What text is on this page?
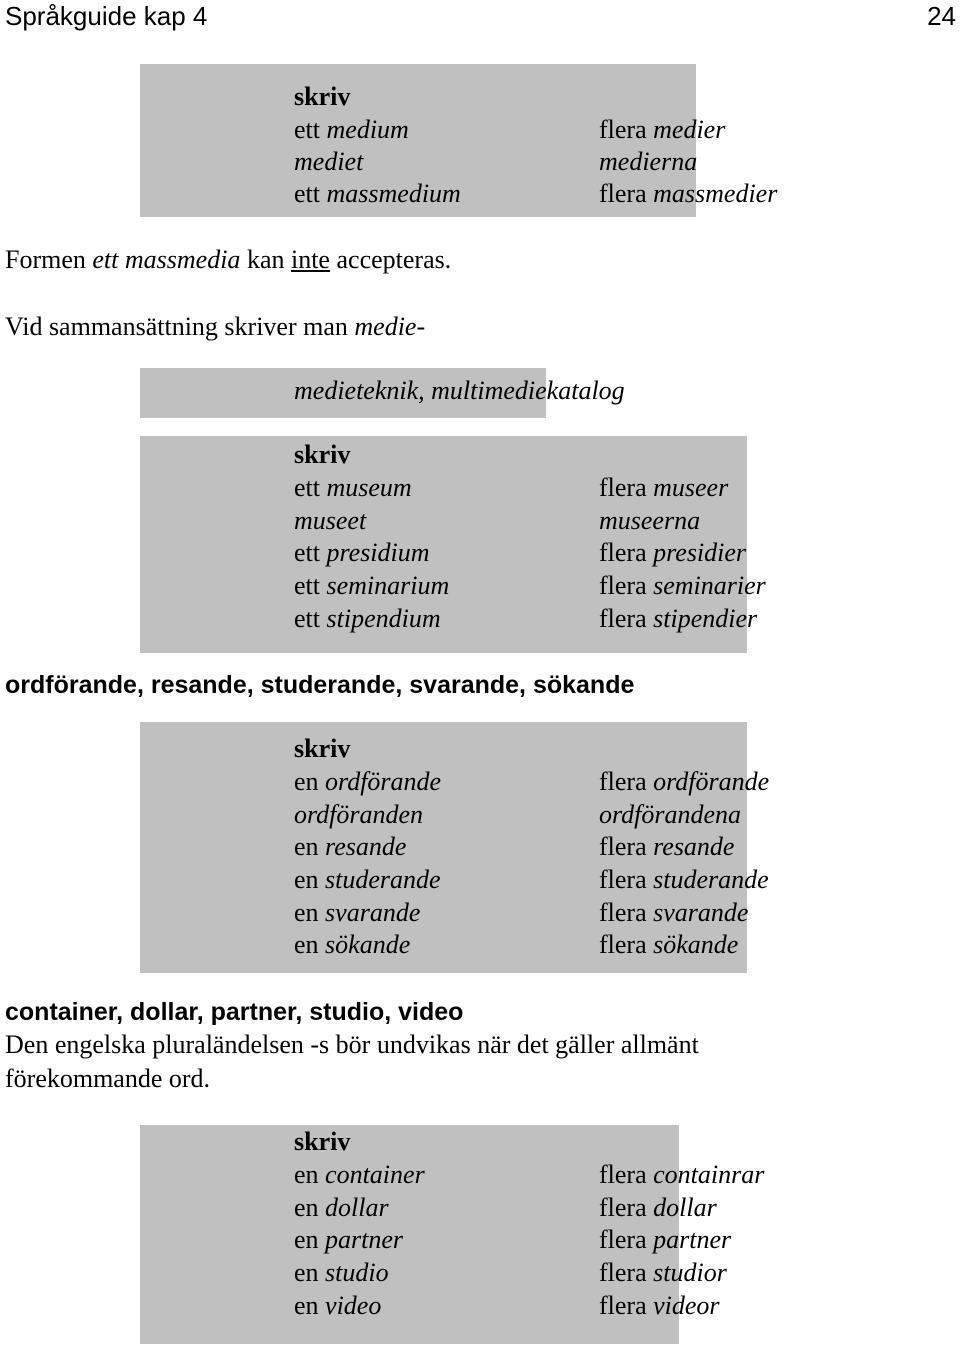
Språkguide kap 4	24
skriv
ett medium	flera medier
mediet	medierna
ett massmedium	flera massmedier
Formen ett massmedia kan inte accepteras.
Vid sammansättning skriver man medie-
medieteknik, multimediekatalog
skriv
ett museum	flera museer
museet	museerna
ett presidium	flera presidier
ett seminarium	flera seminarier
ett stipendium	flera stipendier
ordförande, resande, studerande, svarande, sökande
skriv
en ordförande	flera ordförande
ordföranden	ordförandena
en resande	flera resande
en studerande	flera studerande
en svarande	flera svarande
en sökande	flera sökande
container, dollar, partner, studio, video
Den engelska pluraländelsen -s bör undvikas när det gäller allmänt
förekommande ord.
skriv
en container	flera containrar
en dollar	flera dollar
en partner	flera partner
en studio	flera studior
en video	flera videor
